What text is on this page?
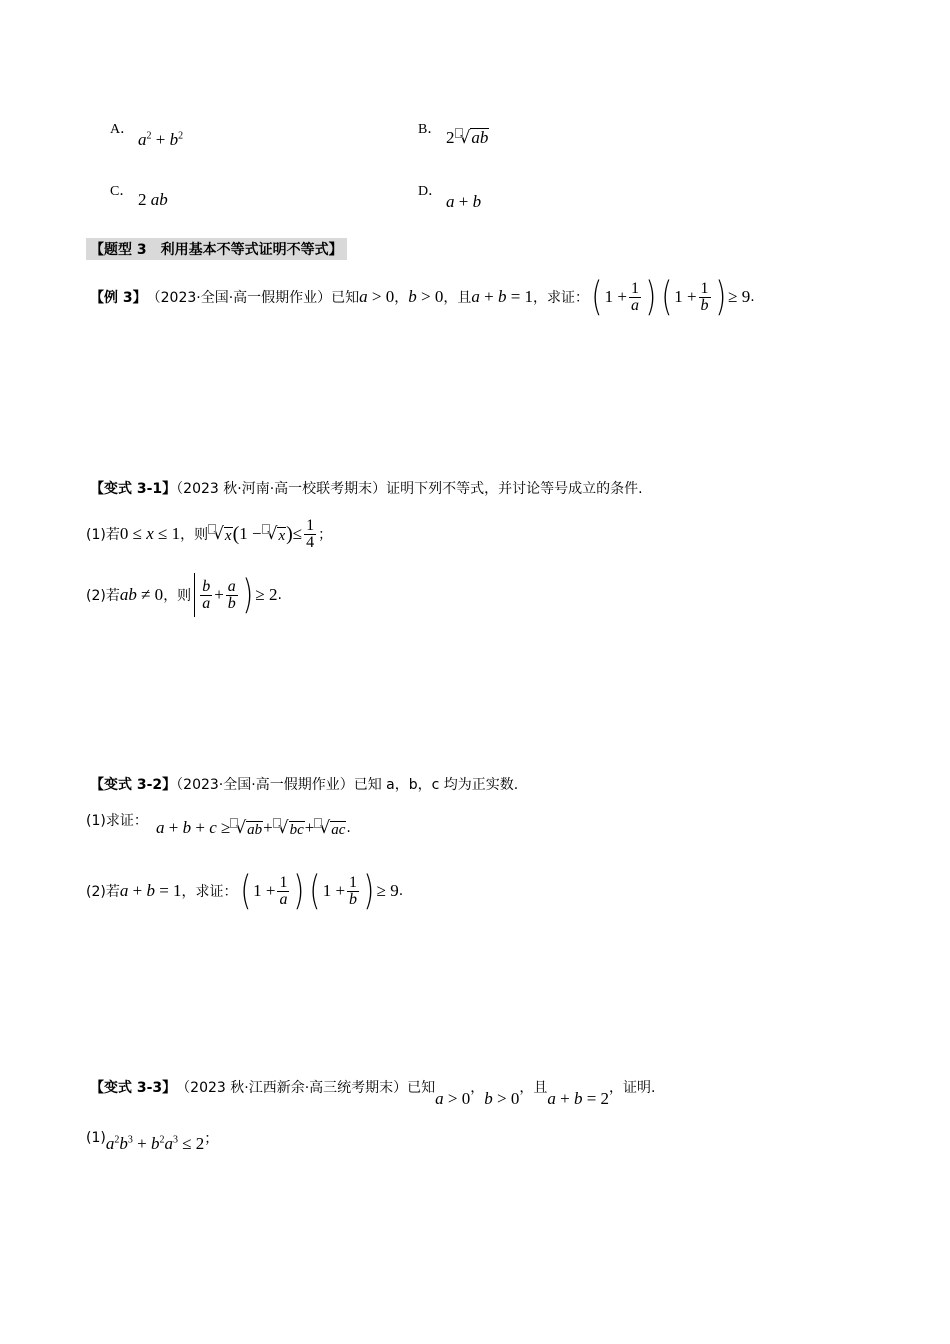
A．
$a^2 + b^2$	B． 2 √ ab
C． 2 ab	D．
a + b
【题型 3　利用基本不等式证明不等式】
【例 3】 （2023·全国·高一假期作业）已知 a > 0 ， b > 0 ，且 a + b = 1 ，求证： ( $1 + \frac{1}{a}$ ) ( $1 + \frac{1}{b}$ ) ≥ 9 .
【变式 3-1】（2023 秋·河南·高一校联考期末）证明下列不等式，并讨论等号成立的条件.
(1)若 0 ≤ x ≤ 1 ，则 √ x ( 1 − √ x ) ≤ $\frac{1}{4}$ ；
(2)若 ab ≠ 0 ，则 $\frac{b}{a} + \frac{a}{b}$ ) ≥ 2 .
【变式 3-2】（2023·全国·高一假期作业）已知 a，b，c 均为正实数.
(1)求证： a + b + c ≥ √ ab + √ bc + √ ac .
(2)若 a + b = 1 ，求证： ( $1 + \frac{1}{a}$ ) ( $1 + \frac{1}{b}$ ) ≥ 9 .
【变式 3-3】 （2023 秋·江西新余·高三统考期末）已知
a > 0
，
b > 0
，且
a + b = 2
，证明.
(1) $a^2b^3 + b^2a^3 \le 2$ ；
